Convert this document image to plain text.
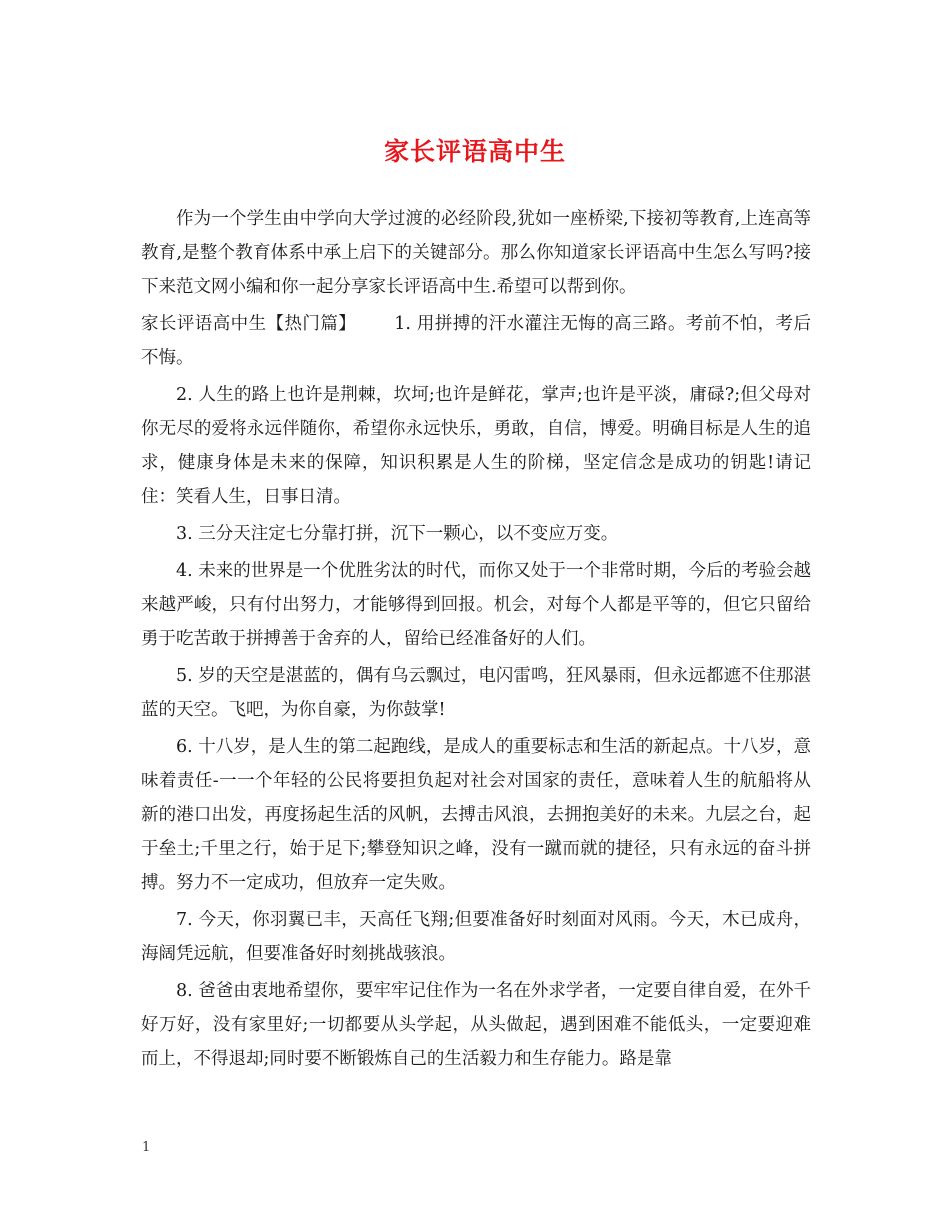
家长评语高中生

作为一个学生由中学向大学过渡的必经阶段,犹如一座桥梁,下接初等教育,上连高等教育,是整个教育体系中承上启下的关键部分。那么你知道家长评语高中生怎么写吗?接下来范文网小编和你一起分享家长评语高中生.希望可以帮到你。

家长评语高中生【热门篇】 1. 用拼搏的汗水灌注无悔的高三路。考前不怕，考后不悔。

2. 人生的路上也许是荆棘，坎坷;也许是鲜花，掌声;也许是平淡，庸碌?;但父母对你无尽的爱将永远伴随你，希望你永远快乐，勇敢，自信，博爱。明确目标是人生的追求，健康身体是未来的保障，知识积累是人生的阶梯，坚定信念是成功的钥匙!请记住：笑看人生，日事日清。

3. 三分天注定七分靠打拼，沉下一颗心，以不变应万变。

4. 未来的世界是一个优胜劣汰的时代，而你又处于一个非常时期，今后的考验会越来越严峻，只有付出努力，才能够得到回报。机会，对每个人都是平等的，但它只留给勇于吃苦敢于拼搏善于舍弃的人，留给已经准备好的人们。

5. 岁的天空是湛蓝的，偶有乌云飘过，电闪雷鸣，狂风暴雨，但永远都遮不住那湛蓝的天空。飞吧，为你自豪，为你鼓掌!

6. 十八岁，是人生的第二起跑线，是成人的重要标志和生活的新起点。十八岁，意味着责任-一一个年轻的公民将要担负起对社会对国家的责任，意味着人生的航船将从新的港口出发，再度扬起生活的风帆，去搏击风浪，去拥抱美好的未来。九层之台，起于垒土;千里之行，始于足下;攀登知识之峰，没有一蹴而就的捷径，只有永远的奋斗拼搏。努力不一定成功，但放弃一定失败。

7. 今天，你羽翼已丰，天高任飞翔;但要准备好时刻面对风雨。今天，木已成舟，海阔凭远航，但要准备好时刻挑战骇浪。

8. 爸爸由衷地希望你，要牢牢记住作为一名在外求学者，一定要自律自爱，在外千好万好，没有家里好;一切都要从头学起，从头做起，遇到困难不能低头，一定要迎难而上，不得退却;同时要不断锻炼自己的生活毅力和生存能力。路是靠

1
